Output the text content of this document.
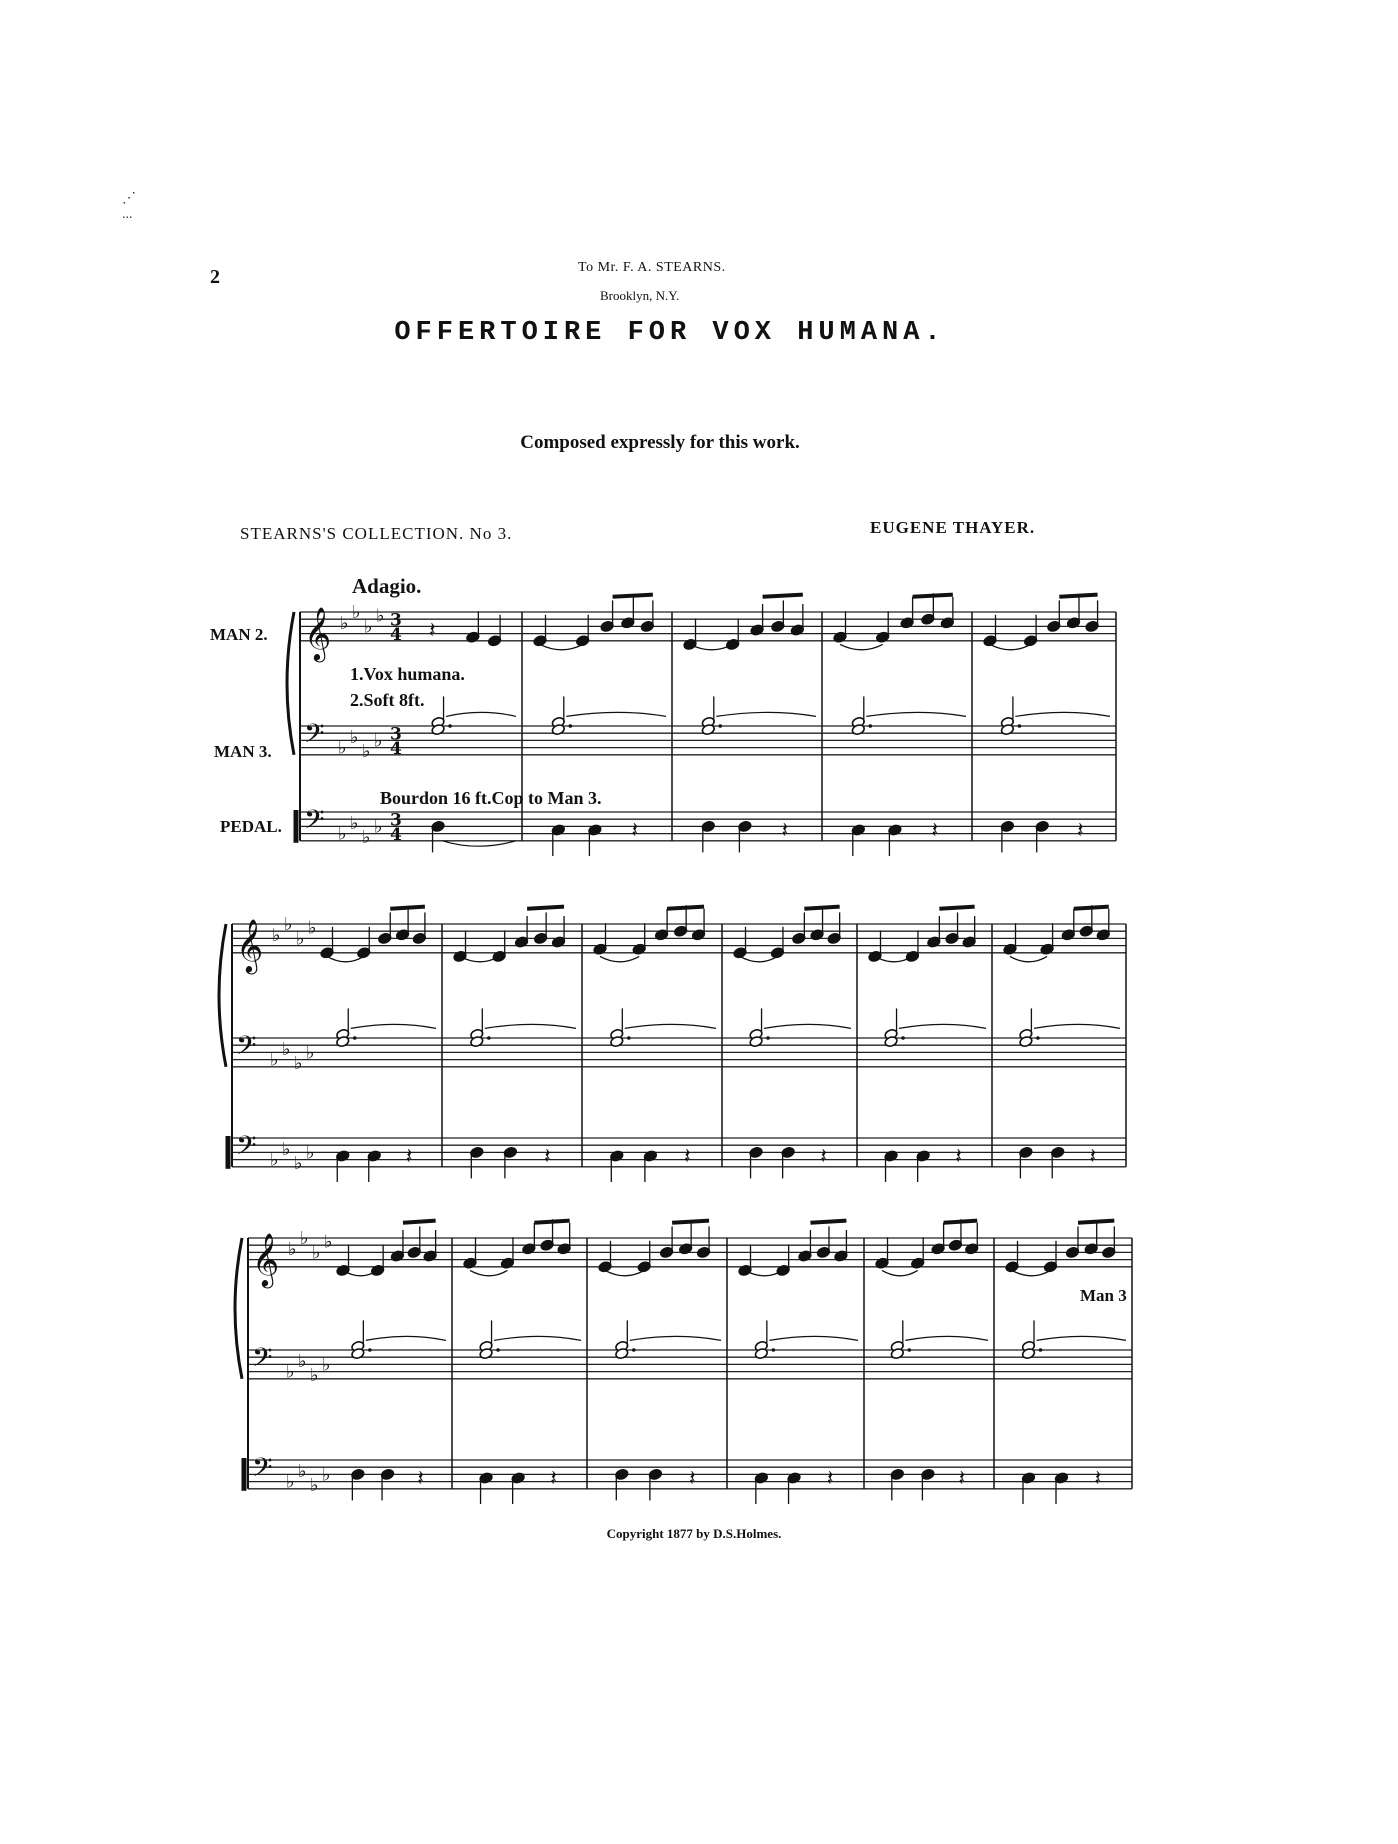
⋰
...
2	To Mr. F. A. STEARNS.
Brooklyn, N.Y.
OFFERTOIRE FOR VOX HUMANA.
Composed expressly for this work.
STEARNS'S COLLECTION. No 3.	EUGENE THAYER.
Adagio.
MAN 2.
MAN 3.
PEDAL.
1.Vox humana.
2.Soft 8ft.
Bourdon 16 ft.Cop to Man 3.
Man 3
𝄞
𝄢
𝄢
♭
♭
♭
♭
♭
♭
♭
♭
♭
♭
♭
♭
3
4
3
4
3
4
𝄽
𝄽	𝄽	𝄽	𝄽
𝄞
𝄢
𝄢
♭
♭
♭
♭
♭
♭
♭
♭
♭
♭
♭
♭	𝄽	𝄽	𝄽	𝄽	𝄽	𝄽
𝄞
𝄢
𝄢
♭
♭
♭
♭
♭
♭
♭
♭
♭
♭
♭
♭	𝄽	𝄽	𝄽	𝄽	𝄽	𝄽
Copyright 1877 by D.S.Holmes.
